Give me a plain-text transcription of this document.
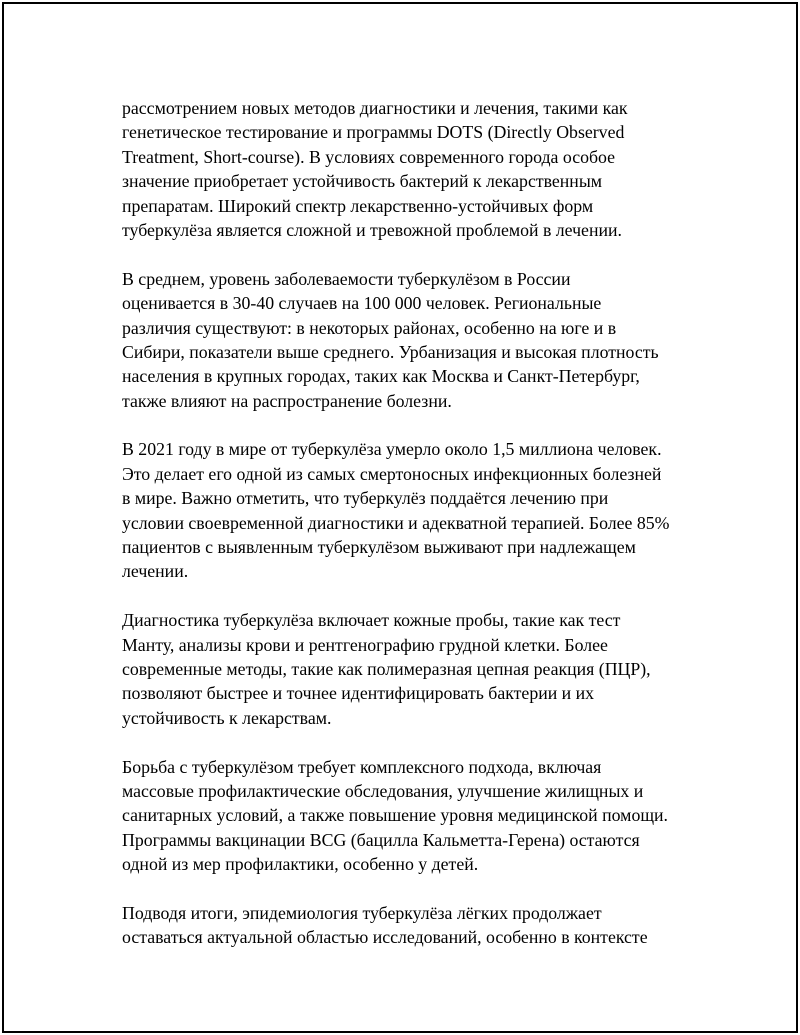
рассмотрением новых методов диагностики и лечения, такими как
генетическое тестирование и программы DOTS (Directly Observed
Treatment, Short-course). В условиях современного города особое
значение приобретает устойчивость бактерий к лекарственным
препаратам. Широкий спектр лекарственно-устойчивых форм
туберкулёза является сложной и тревожной проблемой в лечении.

В среднем, уровень заболеваемости туберкулёзом в России
оценивается в 30-40 случаев на 100 000 человек. Региональные
различия существуют: в некоторых районах, особенно на юге и в
Сибири, показатели выше среднего. Урбанизация и высокая плотность
населения в крупных городах, таких как Москва и Санкт-Петербург,
также влияют на распространение болезни.

В 2021 году в мире от туберкулёза умерло около 1,5 миллиона человек.
Это делает его одной из самых смертоносных инфекционных болезней
в мире. Важно отметить, что туберкулёз поддаётся лечению при
условии своевременной диагностики и адекватной терапией. Более 85%
пациентов с выявленным туберкулёзом выживают при надлежащем
лечении.

Диагностика туберкулёза включает кожные пробы, такие как тест
Манту, анализы крови и рентгенографию грудной клетки. Более
современные методы, такие как полимеразная цепная реакция (ПЦР),
позволяют быстрее и точнее идентифицировать бактерии и их
устойчивость к лекарствам.

Борьба с туберкулёзом требует комплексного подхода, включая
массовые профилактические обследования, улучшение жилищных и
санитарных условий, а также повышение уровня медицинской помощи.
Программы вакцинации BCG (бацилла Кальметта-Герена) остаются
одной из мер профилактики, особенно у детей.

Подводя итоги, эпидемиология туберкулёза лёгких продолжает
оставаться актуальной областью исследований, особенно в контексте
